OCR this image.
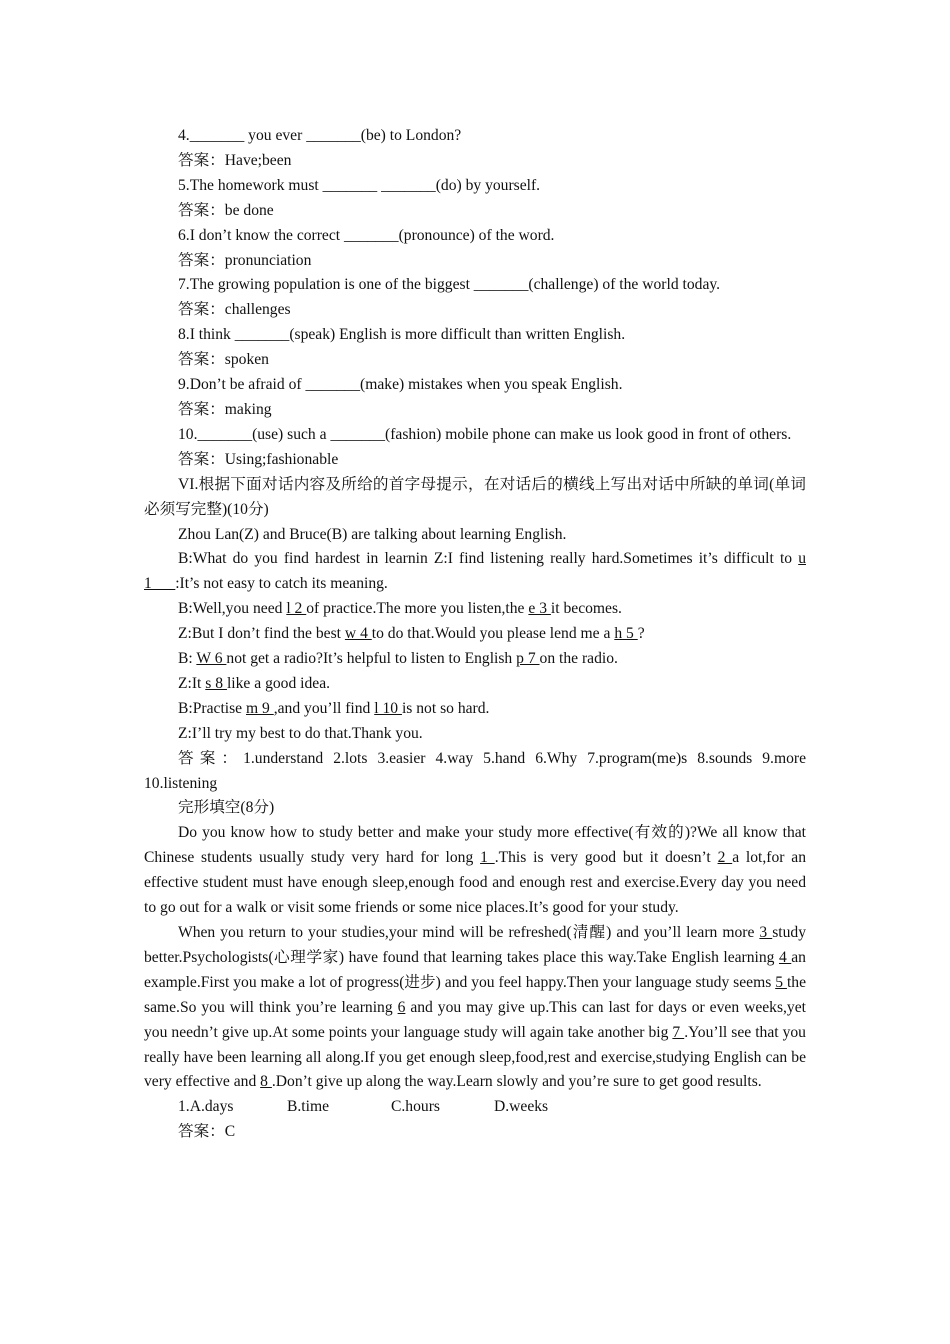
4._______ you ever _______(be) to London?

答案：Have;been

5.The homework must _______ _______(do) by yourself.

答案：be done

6.I don’t know the correct _______(pronounce) of the word.

答案：pronunciation

7.The growing population is one of the biggest _______(challenge) of the world today.

答案：challenges

8.I think _______(speak) English is more difficult than written English.

答案：spoken

9.Don’t be afraid of _______(make) mistakes when you speak English.

答案：making

10._______(use) such a _______(fashion) mobile phone can make us look good in front of others.

答案：Using;fashionable

VI.根据下面对话内容及所给的首字母提示，在对话后的横线上写出对话中所缺的单词(单词必须写完整)(10分)

Zhou Lan(Z) and Bruce(B) are talking about learning English.

B:What do you find hardest in learnin Z:I find listening really hard.Sometimes it’s difficult to u 1___:It’s not easy to catch its meaning.

B:Well,you need l 2 of practice.The more you listen,the e 3 it becomes.

Z:But I don’t find the best w 4 to do that.Would you please lend me a h 5 ?

B: W 6 not get a radio?It’s helpful to listen to English p 7 on the radio.

Z:It s 8 like a good idea.

B:Practise m 9 ,and you’ll find l 10 is not so hard.

Z:I’ll try my best to do that.Thank you.

答案：1.understand 2.lots 3.easier 4.way 5.hand 6.Why 7.program(me)s 8.sounds 9.more 10.listening

完形填空(8分)

Do you know how to study better and make your study more effective(有效的)?We all know that Chinese students usually study very hard for long 1 .This is very good but it doesn’t 2 a lot,for an effective student must have enough sleep,enough food and enough rest and exercise.Every day you need to go out for a walk or visit some friends or some nice places.It’s good for your study.

When you return to your studies,your mind will be refreshed(清醒) and you’ll learn more 3 study better.Psychologists(心理学家) have found that learning takes place this way.Take English learning 4 an example.First you make a lot of progress(进步) and you feel happy.Then your language study seems 5 the same.So you will think you’re learning 6 and you may give up.This can last for days or even weeks,yet you needn’t give up.At some points your language study will again take another big 7 .You’ll see that you really have been learning all along.If you get enough sleep,food,rest and exercise,studying English can be very effective and 8 .Don’t give up along the way.Learn slowly and you’re sure to get good results.

1.A.days	B.time	C.hours	D.weeks

答案：C
